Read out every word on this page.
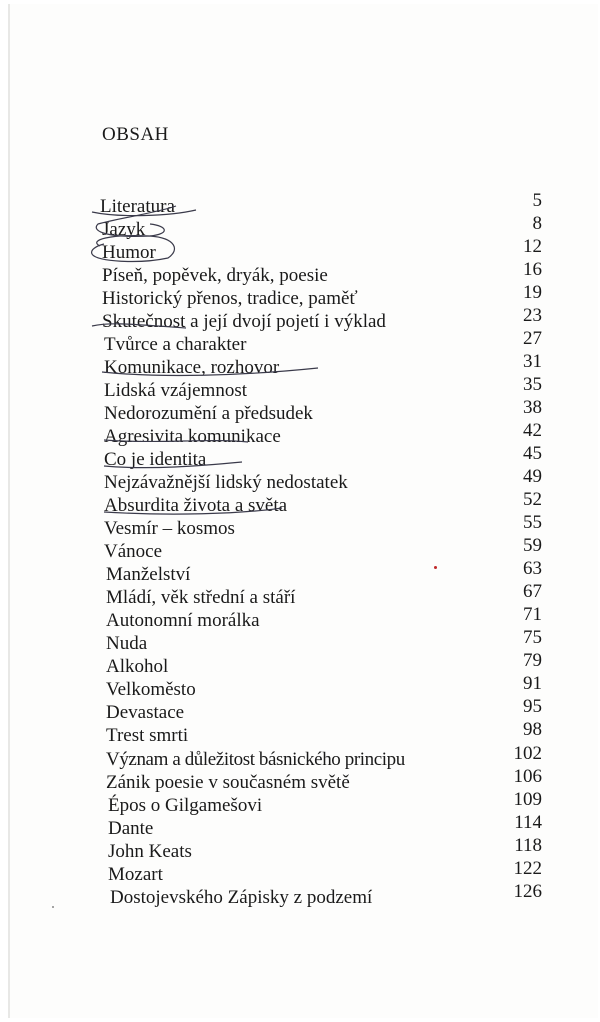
OBSAH
Literatura	5
Jazyk	8
Humor	12
Píseň, popěvek, dryák, poesie	16
Historický přenos, tradice, paměť	19
Skutečnost a její dvojí pojetí i výklad	23
Tvůrce a charakter	27
Komunikace, rozhovor	31
Lidská vzájemnost	35
Nedorozumění a předsudek	38
Agresivita komunikace	42
Co je identita	45
Nejzávažnější lidský nedostatek	49
Absurdita života a světa	52
Vesmír – kosmos	55
Vánoce	59
Manželství	63
Mládí, věk střední a stáří	67
Autonomní morálka	71
Nuda	75
Alkohol	79
Velkoměsto	91
Devastace	95
Trest smrti	98
Význam a důležitost básnického principu	102
Zánik poesie v současném světě	106
Épos o Gilgamešovi	109
Dante	114
John Keats	118
Mozart	122
Dostojevského Zápisky z podzemí	126
